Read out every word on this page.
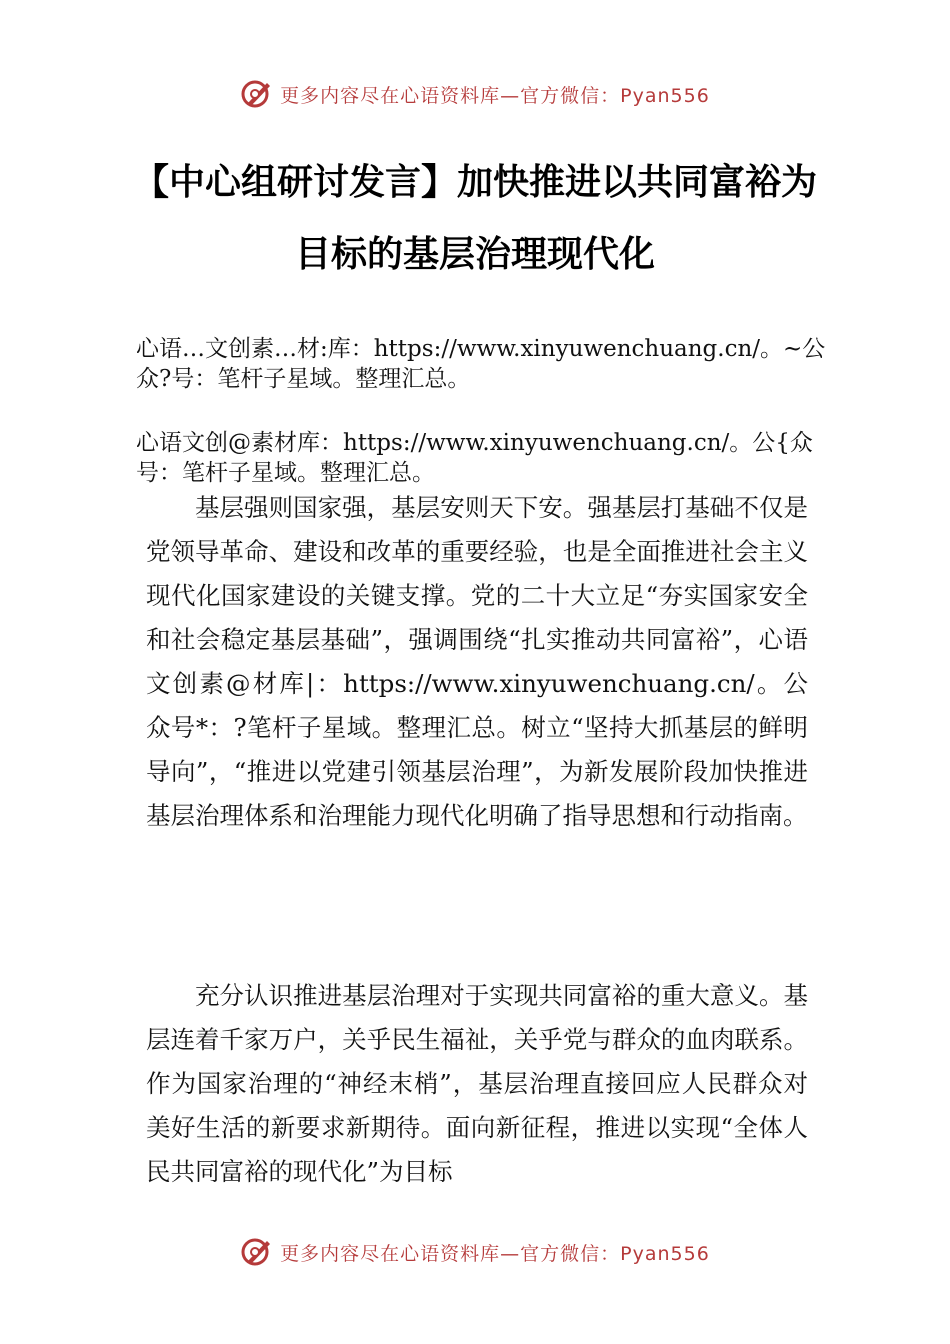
更多内容尽在心语资料库—官方微信：Pyan556
【中心组研讨发言】加快推进以共同富裕为
目标的基层治理现代化
心语…文创素…材:库：https://www.xinyuwenchuang.cn/。~公众?号：笔杆子星域。整理汇总。
心语文创@素材库：https://www.xinyuwenchuang.cn/。公{众号：笔杆子星域。整理汇总。
基层强则国家强，基层安则天下安。强基层打基础不仅是党领导革命、建设和改革的重要经验，也是全面推进社会主义现代化国家建设的关键支撑。党的二十大立足“夯实国家安全和社会稳定基层基础”，强调围绕“扎实推动共同富裕”，心语文创素@材库|：https://www.xinyuwenchuang.cn/。公众号*：?笔杆子星域。整理汇总。树立“坚持大抓基层的鲜明导向”，“推进以党建引领基层治理”，为新发展阶段加快推进基层治理体系和治理能力现代化明确了指导思想和行动指南。
充分认识推进基层治理对于实现共同富裕的重大意义。基层连着千家万户，关乎民生福祉，关乎党与群众的血肉联系。作为国家治理的“神经末梢”，基层治理直接回应人民群众对美好生活的新要求新期待。面向新征程，推进以实现“全体人民共同富裕的现代化”为目标
更多内容尽在心语资料库—官方微信：Pyan556
